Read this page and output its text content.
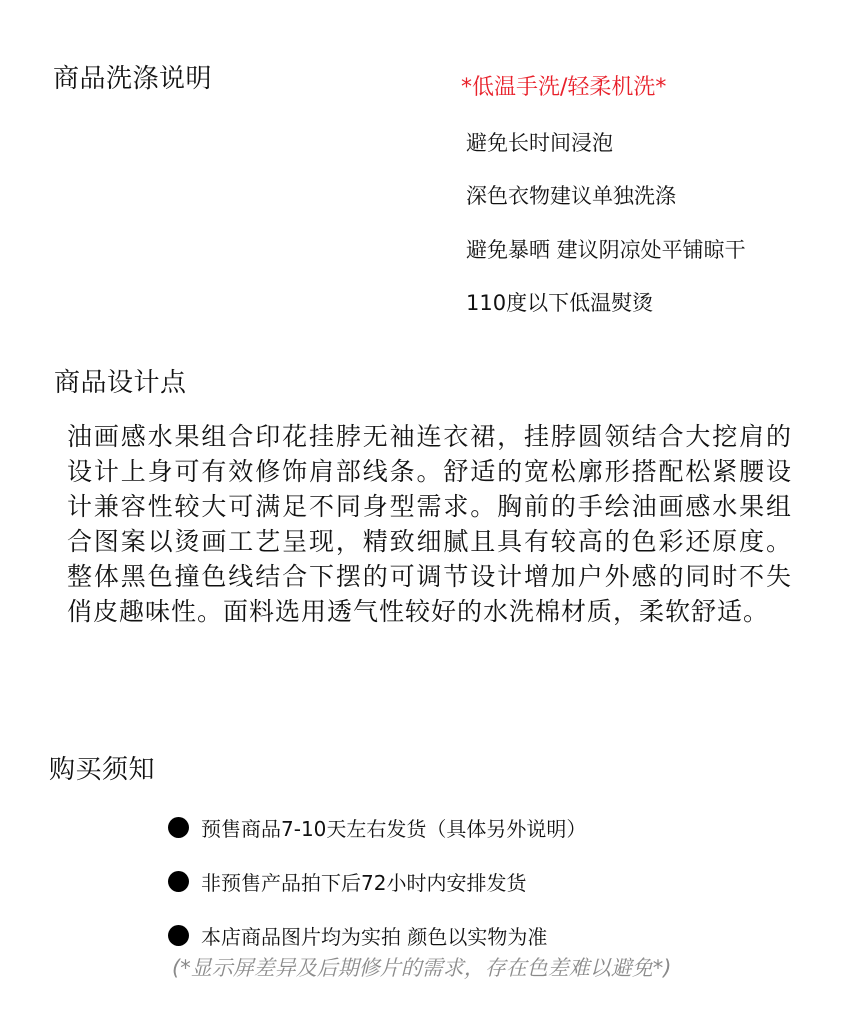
商品洗涤说明	*低温手洗/轻柔机洗*
避免长时间浸泡
深色衣物建议单独洗涤
避免暴晒 建议阴凉处平铺晾干
110度以下低温熨烫
商品设计点
油画感水果组合印花挂脖无袖连衣裙，挂脖圆领结合大挖肩的设计上身可有效修饰肩部线条。舒适的宽松廓形搭配松紧腰设计兼容性较大可满足不同身型需求。胸前的手绘油画感水果组合图案以烫画工艺呈现，精致细腻且具有较高的色彩还原度。整体黑色撞色线结合下摆的可调节设计增加户外感的同时不失俏皮趣味性。面料选用透气性较好的水洗棉材质，柔软舒适。
购买须知
预售商品7-10天左右发货（具体另外说明）
非预售产品拍下后72小时内安排发货
本店商品图片均为实拍 颜色以实物为准
(*显示屏差异及后期修片的需求，存在色差难以避免*)
